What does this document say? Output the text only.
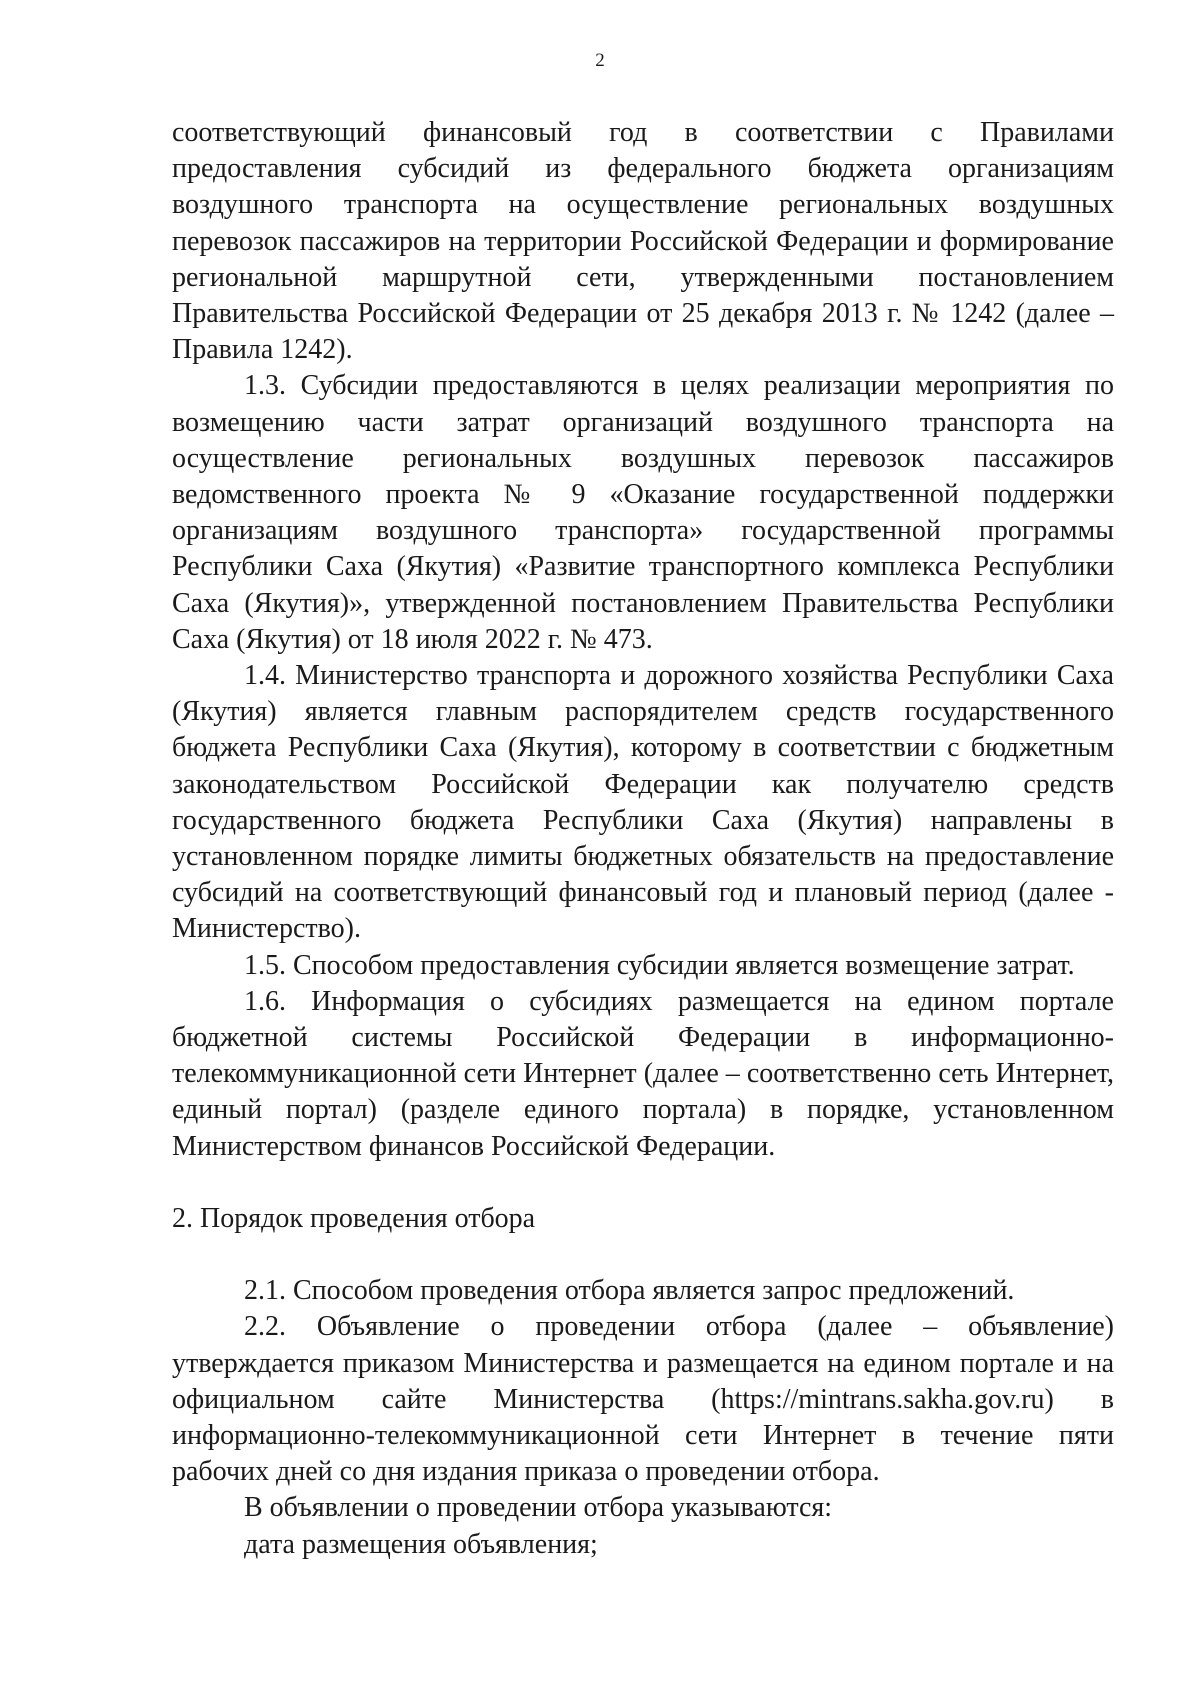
2

соответствующий финансовый год в соответствии с Правилами предоставления субсидий из федерального бюджета организациям воздушного транспорта на осуществление региональных воздушных перевозок пассажиров на территории Российской Федерации и формирование региональной маршрутной сети, утвержденными постановлением Правительства Российской Федерации от 25 декабря 2013 г. № 1242 (далее – Правила 1242).

1.3. Субсидии предоставляются в целях реализации мероприятия по возмещению части затрат организаций воздушного транспорта на осуществление региональных воздушных перевозок пассажиров ведомственного проекта № 9 «Оказание государственной поддержки организациям воздушного транспорта» государственной программы Республики Саха (Якутия) «Развитие транспортного комплекса Республики Саха (Якутия)», утвержденной постановлением Правительства Республики Саха (Якутия) от 18 июля 2022 г. № 473.

1.4. Министерство транспорта и дорожного хозяйства Республики Саха (Якутия) является главным распорядителем средств государственного бюджета Республики Саха (Якутия), которому в соответствии с бюджетным законодательством Российской Федерации как получателю средств государственного бюджета Республики Саха (Якутия) направлены в установленном порядке лимиты бюджетных обязательств на предоставление субсидий на соответствующий финансовый год и плановый период (далее - Министерство).

1.5. Способом предоставления субсидии является возмещение затрат.

1.6. Информация о субсидиях размещается на едином портале бюджетной системы Российской Федерации в информационно-телекоммуникационной сети Интернет (далее – соответственно сеть Интернет, единый портал) (разделе единого портала) в порядке, установленном Министерством финансов Российской Федерации.

2. Порядок проведения отбора

2.1. Способом проведения отбора является запрос предложений.

2.2. Объявление о проведении отбора (далее – объявление) утверждается приказом Министерства и размещается на едином портале и на официальном сайте Министерства (https://mintrans.sakha.gov.ru) в информационно-телекоммуникационной сети Интернет в течение пяти рабочих дней со дня издания приказа о проведении отбора.

В объявлении о проведении отбора указываются:

дата размещения объявления;
